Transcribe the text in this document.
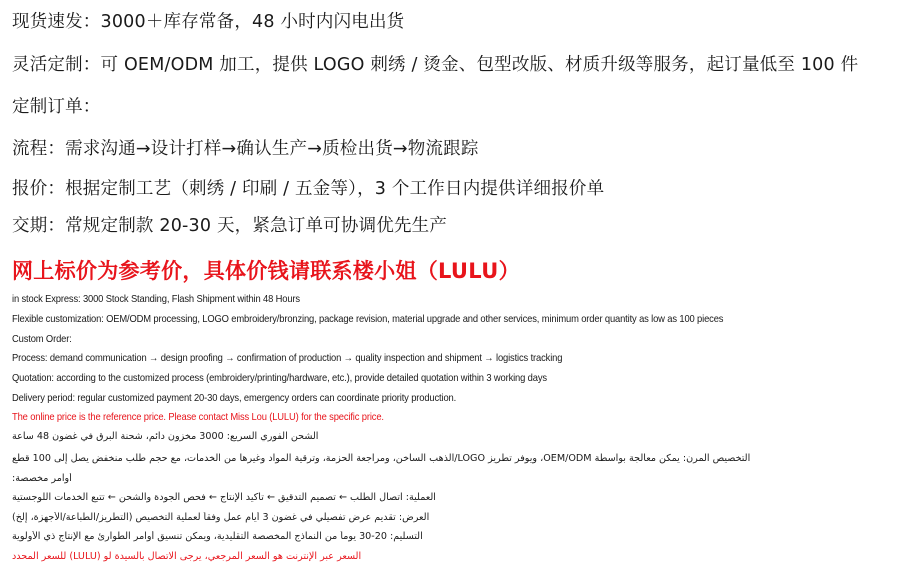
现货速发：3000＋库存常备，48 小时内闪电出货
灵活定制：可 OEM/ODM 加工，提供 LOGO 刺绣 / 烫金、包型改版、材质升级等服务，起订量低至 100 件
定制订单：
流程：需求沟通→设计打样→确认生产→质检出货→物流跟踪
报价：根据定制工艺（刺绣 / 印刷 / 五金等），3 个工作日内提供详细报价单
交期：常规定制款 20-30 天，紧急订单可协调优先生产
网上标价为参考价，具体价钱请联系楼小姐（LULU）
in stock Express: 3000 Stock Standing, Flash Shipment within 48 Hours
Flexible customization: OEM/ODM processing, LOGO embroidery/bronzing, package revision, material upgrade and other services, minimum order quantity as low as 100 pieces
Custom Order:
Process: demand communication → design proofing → confirmation of production → quality inspection and shipment → logistics tracking
Quotation: according to the customized process (embroidery/printing/hardware, etc.), provide detailed quotation within 3 working days
Delivery period: regular customized payment 20-30 days, emergency orders can coordinate priority production.
The online price is the reference price. Please contact Miss Lou (LULU) for the specific price.
الشحن الفوري السريع: 3000 مخزون دائم، شحنة البرق في غضون 48 ساعة
التخصيص المرن: يمكن معالجة بواسطة OEM/ODM، ويوفر تطريز LOGO/الذهب الساخن، ومراجعة الحزمة، وترقية المواد وغيرها من الخدمات، مع حجم طلب منخفض يصل إلى 100 قطع
أوامر مخصصة:
العملية: اتصال الطلب ← تصميم التدقيق ← تأكيد الإنتاج ← فحص الجودة والشحن ← تتبع الخدمات اللوجستية
العرض: تقديم عرض تفصيلي في غضون 3 أيام عمل وفقاً لعملية التخصيص (التطريز/الطباعة/الأجهزة، إلخ)
التسليم: 20-30 يوماً من النماذج المخصصة التقليدية، ويمكن تنسيق أوامر الطوارئ مع الإنتاج ذي الأولوية
السعر عبر الإنترنت هو السعر المرجعي، يرجى الاتصال بالسيدة لو (LULU) للسعر المحدد
